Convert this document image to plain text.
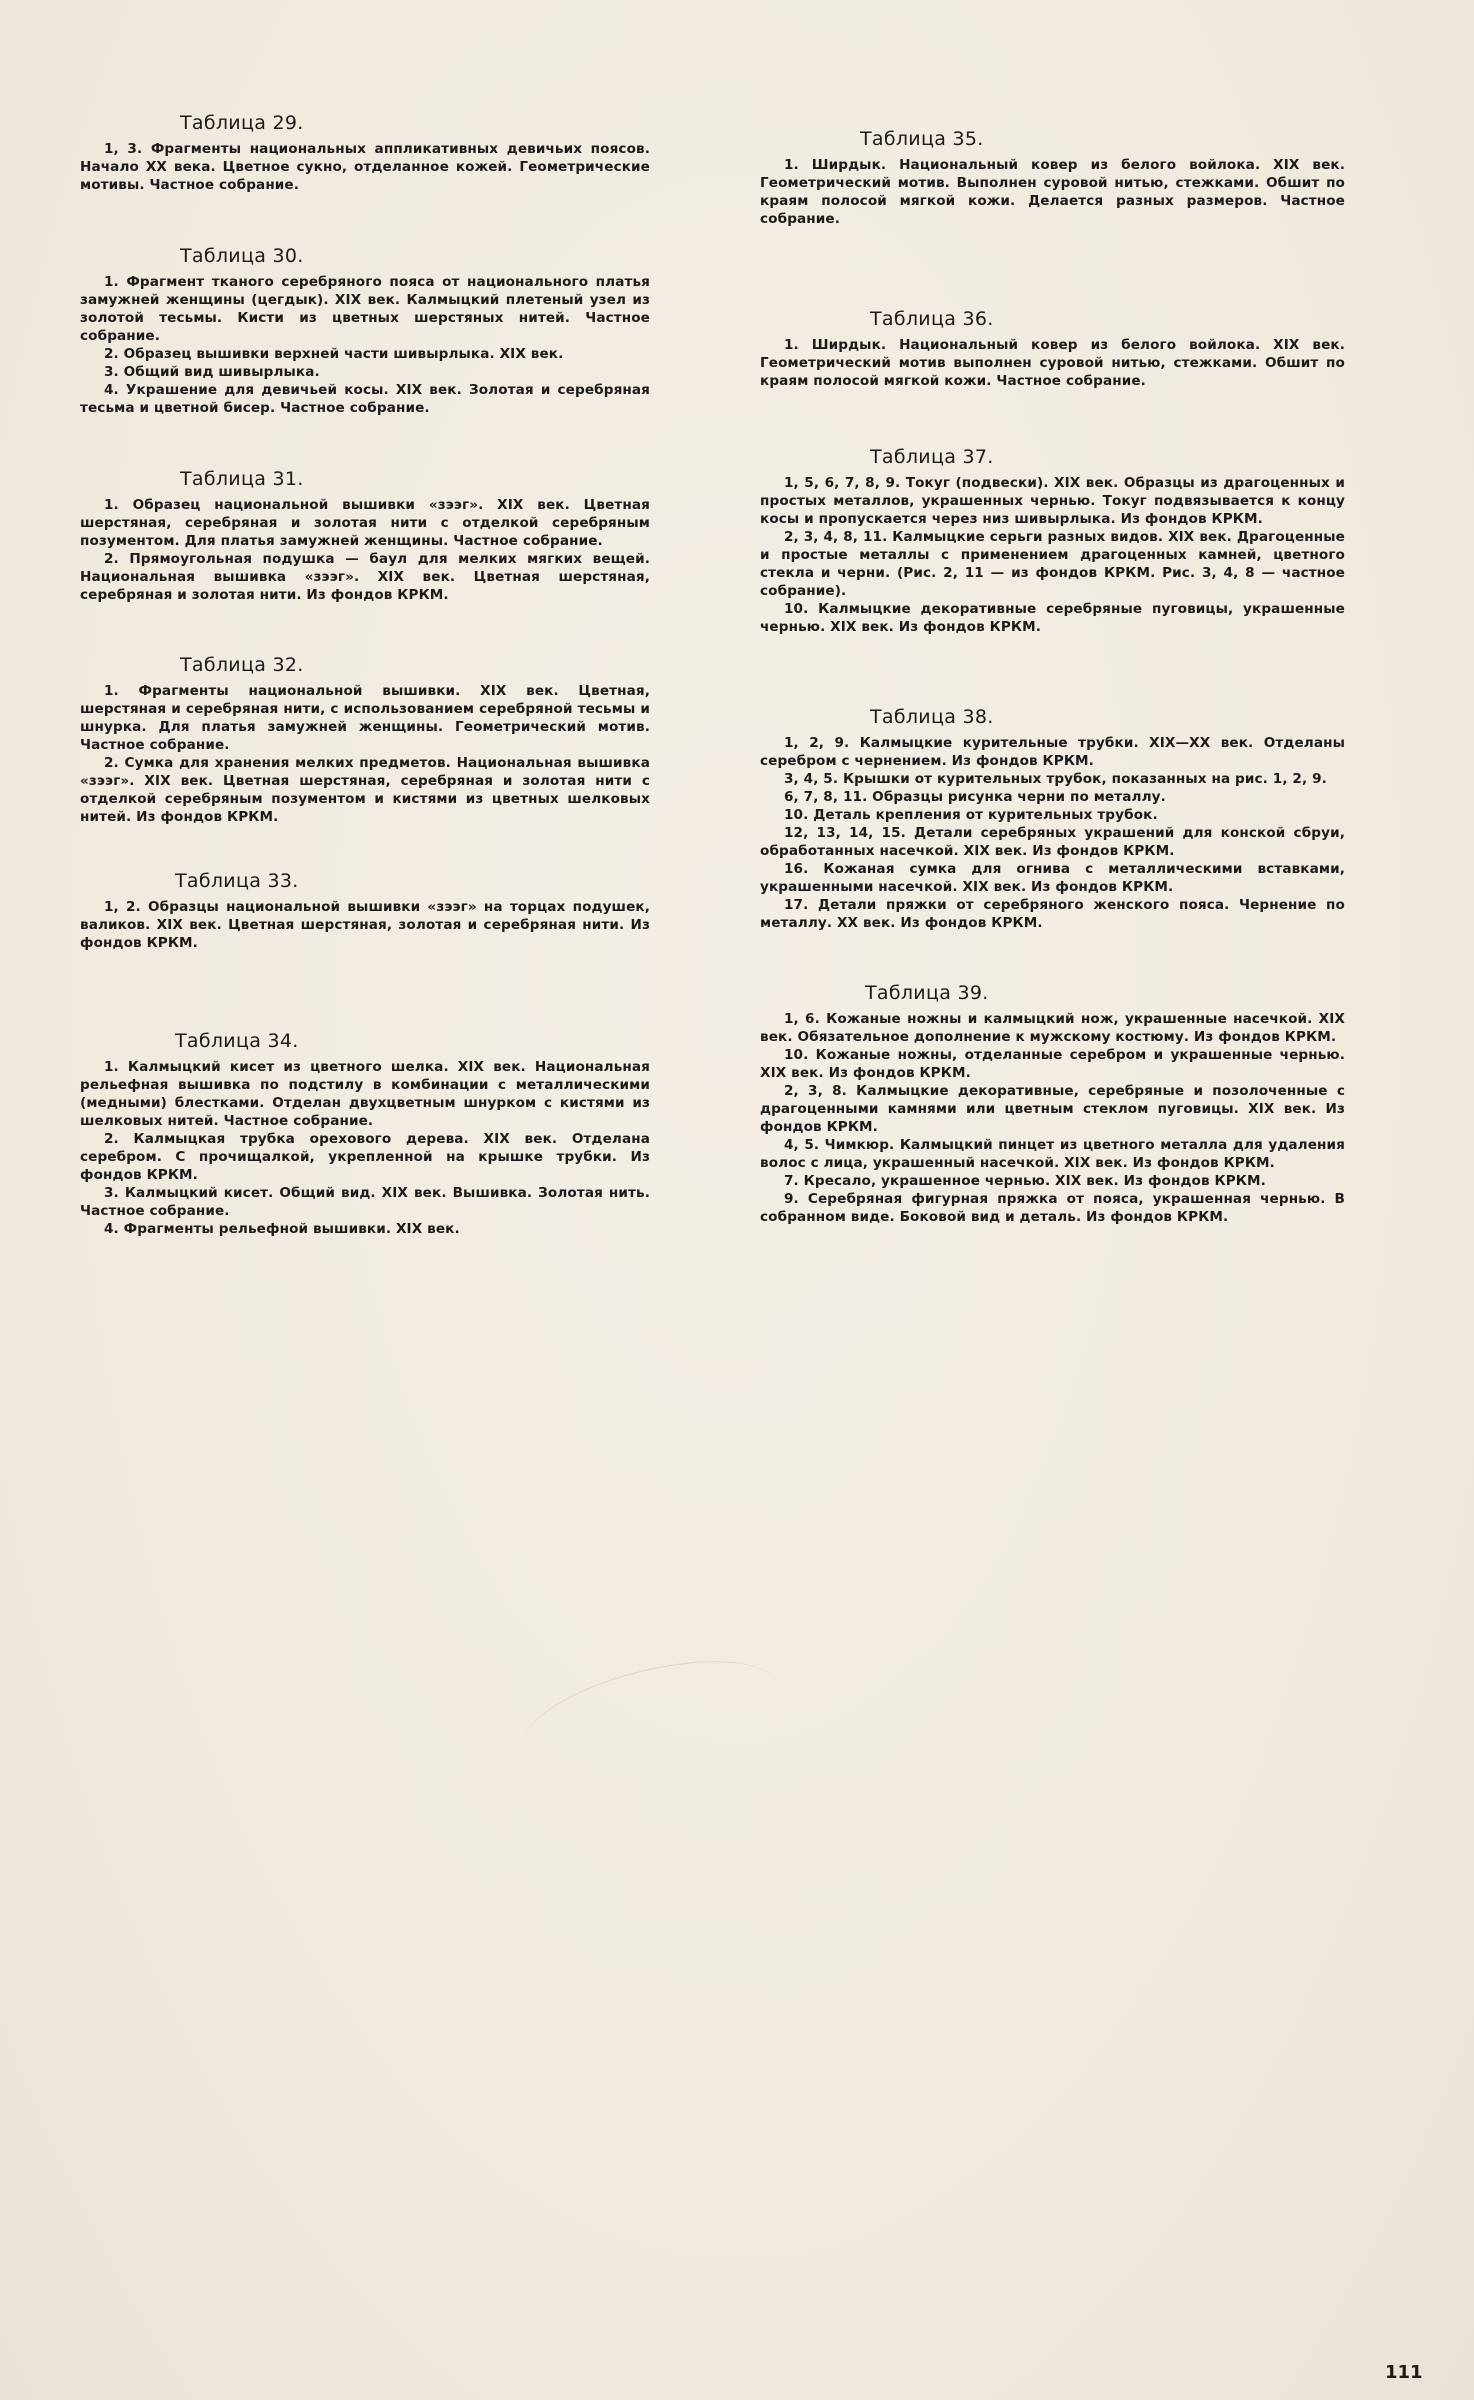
Таблица 29.

1, 3. Фрагменты национальных аппликативных девичьих поясов. Начало XX века. Цветное сукно, отделанное кожей. Геометрические мотивы. Частное собрание.

Таблица 30.

1. Фрагмент тканого серебряного пояса от национального платья замужней женщины (цегдык). XIX век. Калмыцкий плетеный узел из золотой тесьмы. Кисти из цветных шерстяных нитей. Частное собрание.

2. Образец вышивки верхней части шивырлыка. XIX век.

3. Общий вид шивырлыка.

4. Украшение для девичьей косы. XIX век. Золотая и серебряная тесьма и цветной бисер. Частное собрание.

Таблица 31.

1. Образец национальной вышивки «зээг». XIX век. Цветная шерстяная, серебряная и золотая нити с отделкой серебряным позументом. Для платья замужней женщины. Частное собрание.

2. Прямоугольная подушка — баул для мелких мягких вещей. Национальная вышивка «зээг». XIX век. Цветная шерстяная, серебряная и золотая нити. Из фондов КРКМ.

Таблица 32.

1. Фрагменты национальной вышивки. XIX век. Цветная, шерстяная и серебряная нити, с использованием серебряной тесьмы и шнурка. Для платья замужней женщины. Геометрический мотив. Частное собрание.

2. Сумка для хранения мелких предметов. Национальная вышивка «зээг». XIX век. Цветная шерстяная, серебряная и золотая нити с отделкой серебряным позументом и кистями из цветных шелковых нитей. Из фондов КРКМ.

Таблица 33.

1, 2. Образцы национальной вышивки «зээг» на торцах подушек, валиков. XIX век. Цветная шерстяная, золотая и серебряная нити. Из фондов КРКМ.

Таблица 34.

1. Калмыцкий кисет из цветного шелка. XIX век. Национальная рельефная вышивка по подстилу в комбинации с металлическими (медными) блестками. Отделан двухцветным шнурком с кистями из шелковых нитей. Частное собрание.

2. Калмыцкая трубка орехового дерева. XIX век. Отделана серебром. С прочищалкой, укрепленной на крышке трубки. Из фондов КРКМ.

3. Калмыцкий кисет. Общий вид. XIX век. Вышивка. Золотая нить. Частное собрание.

4. Фрагменты рельефной вышивки. XIX век.

Таблица 35.

1. Ширдык. Национальный ковер из белого войлока. XIX век. Геометрический мотив. Выполнен суровой нитью, стежками. Обшит по краям полосой мягкой кожи. Делается разных размеров. Частное собрание.

Таблица 36.

1. Ширдык. Национальный ковер из белого войлока. XIX век. Геометрический мотив выполнен суровой нитью, стежками. Обшит по краям полосой мягкой кожи. Частное собрание.

Таблица 37.

1, 5, 6, 7, 8, 9. Токуг (подвески). XIX век. Образцы из драгоценных и простых металлов, украшенных чернью. Токуг подвязывается к концу косы и пропускается через низ шивырлыка. Из фондов КРКМ.

2, 3, 4, 8, 11. Калмыцкие серьги разных видов. XIX век. Драгоценные и простые металлы с применением драгоценных камней, цветного стекла и черни. (Рис. 2, 11 — из фондов КРКМ. Рис. 3, 4, 8 — частное собрание).

10. Калмыцкие декоративные серебряные пуговицы, украшенные чернью. XIX век. Из фондов КРКМ.

Таблица 38.

1, 2, 9. Калмыцкие курительные трубки. XIX—XX век. Отделаны серебром с чернением. Из фондов КРКМ.

3, 4, 5. Крышки от курительных трубок, показанных на рис. 1, 2, 9.

6, 7, 8, 11. Образцы рисунка черни по металлу.

10. Деталь крепления от курительных трубок.

12, 13, 14, 15. Детали серебряных украшений для конской сбруи, обработанных насечкой. XIX век. Из фондов КРКМ.

16. Кожаная сумка для огнива с металлическими вставками, украшенными насечкой. XIX век. Из фондов КРКМ.

17. Детали пряжки от серебряного женского пояса. Чернение по металлу. XX век. Из фондов КРКМ.

Таблица 39.

1, 6. Кожаные ножны и калмыцкий нож, украшенные насечкой. XIX век. Обязательное дополнение к мужскому костюму. Из фондов КРКМ.

10. Кожаные ножны, отделанные серебром и украшенные чернью. XIX век. Из фондов КРКМ.

2, 3, 8. Калмыцкие декоративные, серебряные и позолоченные с драгоценными камнями или цветным стеклом пуговицы. XIX век. Из фондов КРКМ.

4, 5. Чимкюр. Калмыцкий пинцет из цветного металла для удаления волос с лица, украшенный насечкой. XIX век. Из фондов КРКМ.

7. Кресало, украшенное чернью. XIX век. Из фондов КРКМ.

9. Серебряная фигурная пряжка от пояса, украшенная чернью. В собранном виде. Боковой вид и деталь. Из фондов КРКМ.

111
